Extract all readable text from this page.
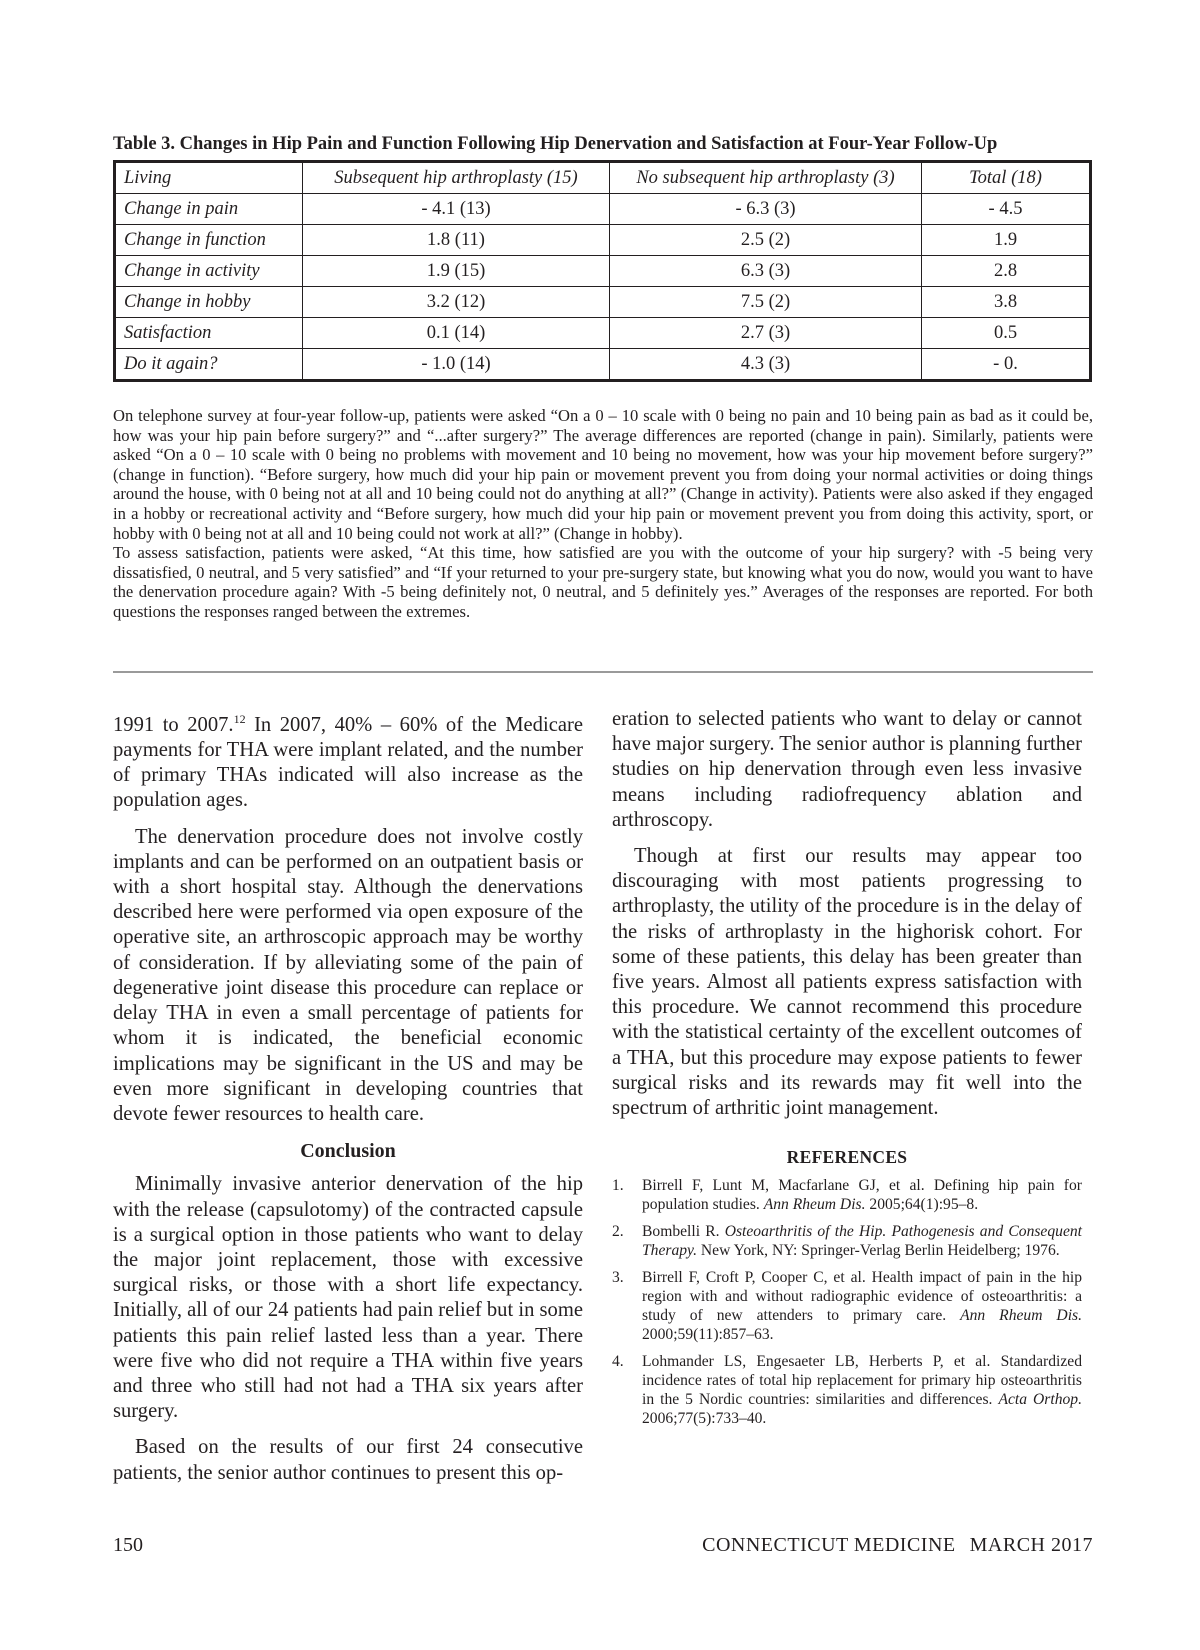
Table 3. Changes in Hip Pain and Function Following Hip Denervation and Satisfaction at Four-Year Follow-Up
Living	Subsequent hip arthroplasty (15)	No subsequent hip arthroplasty (3)	Total (18)
Change in pain	- 4.1 (13)	- 6.3 (3)	- 4.5
Change in function	1.8 (11)	2.5 (2)	1.9
Change in activity	1.9 (15)	6.3 (3)	2.8
Change in hobby	3.2 (12)	7.5 (2)	3.8
Satisfaction	0.1 (14)	2.7 (3)	0.5
Do it again?	- 1.0 (14)	4.3 (3)	- 0.

On telephone survey at four-year follow-up, patients were asked “On a 0 – 10 scale with 0 being no pain and 10 being pain as bad as it could be, how was your hip pain before surgery?” and “...after surgery?” The average differences are reported (change in pain). Similarly, patients were asked “On a 0 – 10 scale with 0 being no problems with movement and 10 being no movement, how was your hip movement before surgery?” (change in function). “Before surgery, how much did your hip pain or movement prevent you from doing your normal activities or doing things around the house, with 0 being not at all and 10 being could not do anything at all?” (Change in activity). Patients were also asked if they engaged in a hobby or recreational activity and “Before surgery, how much did your hip pain or movement prevent you from doing this activity, sport, or hobby with 0 being not at all and 10 being could not work at all?” (Change in hobby).

To assess satisfaction, patients were asked, “At this time, how satisfied are you with the outcome of your hip surgery? with -5 being very dissatisfied, 0 neutral, and 5 very satisfied” and “If your returned to your pre-surgery state, but knowing what you do now, would you want to have the denervation procedure again? With -5 being definitely not, 0 neutral, and 5 definitely yes.” Averages of the responses are reported. For both questions the responses ranged between the extremes.

1991 to 2007.12 In 2007, 40% – 60% of the Medicare payments for THA were implant related, and the number of primary THAs indicated will also increase as the population ages.

The denervation procedure does not involve costly implants and can be performed on an outpatient basis or with a short hospital stay. Although the denervations described here were performed via open exposure of the operative site, an arthroscopic approach may be worthy of consideration. If by alleviating some of the pain of degenerative joint disease this procedure can replace or delay THA in even a small percentage of patients for whom it is indicated, the beneficial economic implications may be significant in the US and may be even more significant in developing countries that devote fewer resources to health care.

Conclusion

Minimally invasive anterior denervation of the hip with the release (capsulotomy) of the contracted capsule is a surgical option in those patients who want to delay the major joint replacement, those with excessive surgical risks, or those with a short life expectancy. Initially, all of our 24 patients had pain relief but in some patients this pain relief lasted less than a year. There were five who did not require a THA within five years and three who still had not had a THA six years after surgery.

Based on the results of our first 24 consecutive patients, the senior author continues to present this op-

eration to selected patients who want to delay or cannot have major surgery. The senior author is planning further studies on hip denervation through even less invasive means including radiofrequency ablation and arthroscopy.

Though at first our results may appear too discouraging with most patients progressing to arthroplasty, the utility of the procedure is in the delay of the risks of arthroplasty in the highorisk cohort. For some of these patients, this delay has been greater than five years. Almost all patients express satisfaction with this procedure. We cannot recommend this procedure with the statistical certainty of the excellent outcomes of a THA, but this procedure may expose patients to fewer surgical risks and its rewards may fit well into the spectrum of arthritic joint management.

REFERENCES
1.	Birrell F, Lunt M, Macfarlane GJ, et al. Defining hip pain for population studies. Ann Rheum Dis. 2005;64(1):95–8.
2.	Bombelli R. Osteoarthritis of the Hip. Pathogenesis and Consequent Therapy. New York, NY: Springer-Verlag Berlin Heidelberg; 1976.
3.	Birrell F, Croft P, Cooper C, et al. Health impact of pain in the hip region with and without radiographic evidence of osteoarthritis: a study of new attenders to primary care. Ann Rheum Dis. 2000;59(11):857–63.
4.	Lohmander LS, Engesaeter LB, Herberts P, et al. Standardized incidence rates of total hip replacement for primary hip osteoarthritis in the 5 Nordic countries: similarities and differences. Acta Orthop. 2006;77(5):733–40.
150	CONNECTICUT MEDICINE MARCH 2017
